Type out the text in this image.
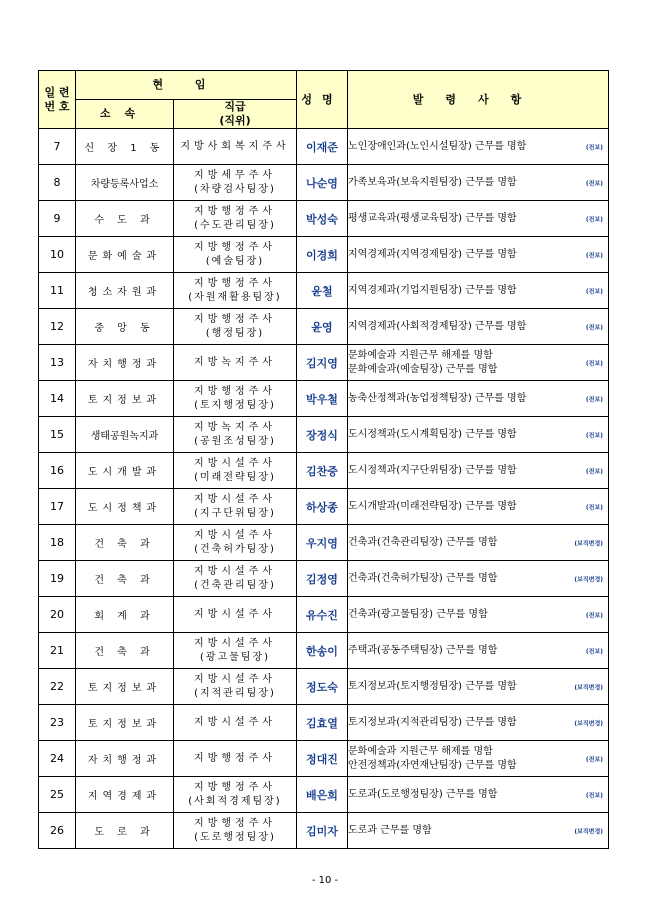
일 련
번 호	현 임		성명	발령사항
	소속	직급
(직위)		
7	신 장 1 동	지방사회복지주사	이재준	노인장애인과(노인시설팀장) 근무를 명함 (전보)

8	차량등록사업소	지방세무주사
(차량검사팀장)	나순영	가족보육과(보육지원팀장) 근무를 명함 (전보)

9	수 도 과	지방행정주사
(수도관리팀장)	박성숙	평생교육과(평생교육팀장) 근무를 명함 (전보)

10	문화예술과	지방행정주사
(예술팀장)	이경희	지역경제과(지역경제팀장) 근무를 명함 (전보)

11	청소자원과	지방행정주사
(자원재활용팀장)	윤철	지역경제과(기업지원팀장) 근무를 명함 (전보)

12	중 앙 동	지방행정주사
(행정팀장)	윤영	지역경제과(사회적경제팀장) 근무를 명함 (전보)

13	자치행정과	지방녹지주사	김지영	문화예술과 지원근무 해제를 명함
문화예술과(예술팀장) 근무를 명함 (전보)

14	토지정보과	지방행정주사
(토지행정팀장)	박우철	농축산정책과(농업정책팀장) 근무를 명함 (전보)

15	생태공원녹지과	지방녹지주사
(공원조성팀장)	장정식	도시정책과(도시계획팀장) 근무를 명함 (전보)

16	도시개발과	지방시설주사
(미래전략팀장)	김찬중	도시정책과(지구단위팀장) 근무를 명함 (전보)

17	도시정책과	지방시설주사
(지구단위팀장)	하상종	도시개발과(미래전략팀장) 근무를 명함 (전보)

18	건 축 과	지방시설주사
(건축허가팀장)	우지영	건축과(건축관리팀장) 근무를 명함 (보직변경)

19	건 축 과	지방시설주사
(건축관리팀장)	김정영	건축과(건축허가팀장) 근무를 명함 (보직변경)

20	회 계 과	지방시설주사	유수진	건축과(광고물팀장) 근무를 명함 (전보)

21	건 축 과	지방시설주사
(광고물팀장)	한송이	주택과(공동주택팀장) 근무를 명함 (전보)

22	토지정보과	지방시설주사
(지적관리팀장)	정도숙	토지정보과(토지행정팀장) 근무를 명함 (보직변경)

23	토지정보과	지방시설주사	김효열	토지정보과(지적관리팀장) 근무를 명함 (보직변경)

24	자치행정과	지방행정주사	정대진	문화예술과 지원근무 해제를 명함
안전정책과(자연재난팀장) 근무를 명함 (전보)

25	지역경제과	지방행정주사
(사회적경제팀장)	배은희	도로과(도로행정팀장) 근무를 명함 (전보)

26	도 로 과	지방행정주사
(도로행정팀장)	김미자	도로과 근무를 명함 (보직변경)
- 10 -
